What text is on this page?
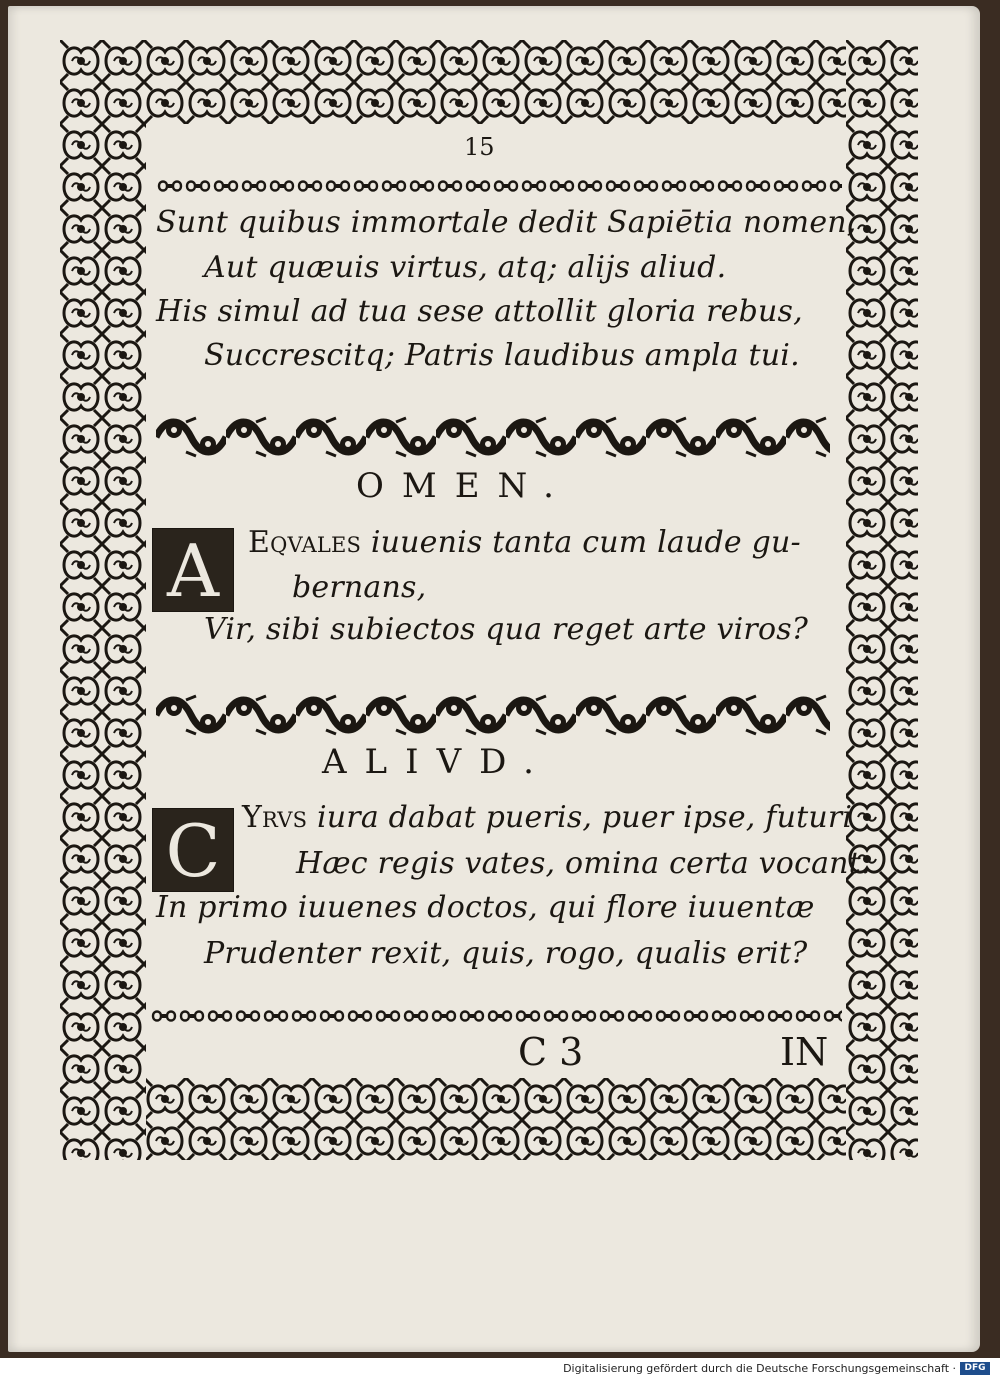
15
Sunt quibus immortale dedit Sapiētia nomen,
Aut quæuis virtus, atq; alijs aliud.
His simul ad tua sese attollit gloria rebus,
Succrescitq; Patris laudibus ampla tui.
OMEN.
A Eqvales iuuenis tanta cum laude gu-
bernans,
Vir, sibi subiectos qua reget arte viros?
ALIVD.
C Yrvs iura dabat pueris, puer ipse, futuri
Hæc regis vates, omina certa vocant.
In primo iuuenes doctos, qui flore iuuentæ
Prudenter rexit, quis, rogo, qualis erit?
C 3	IN
Digitalisierung gefördert durch die Deutsche Forschungsgemeinschaft · DFG
